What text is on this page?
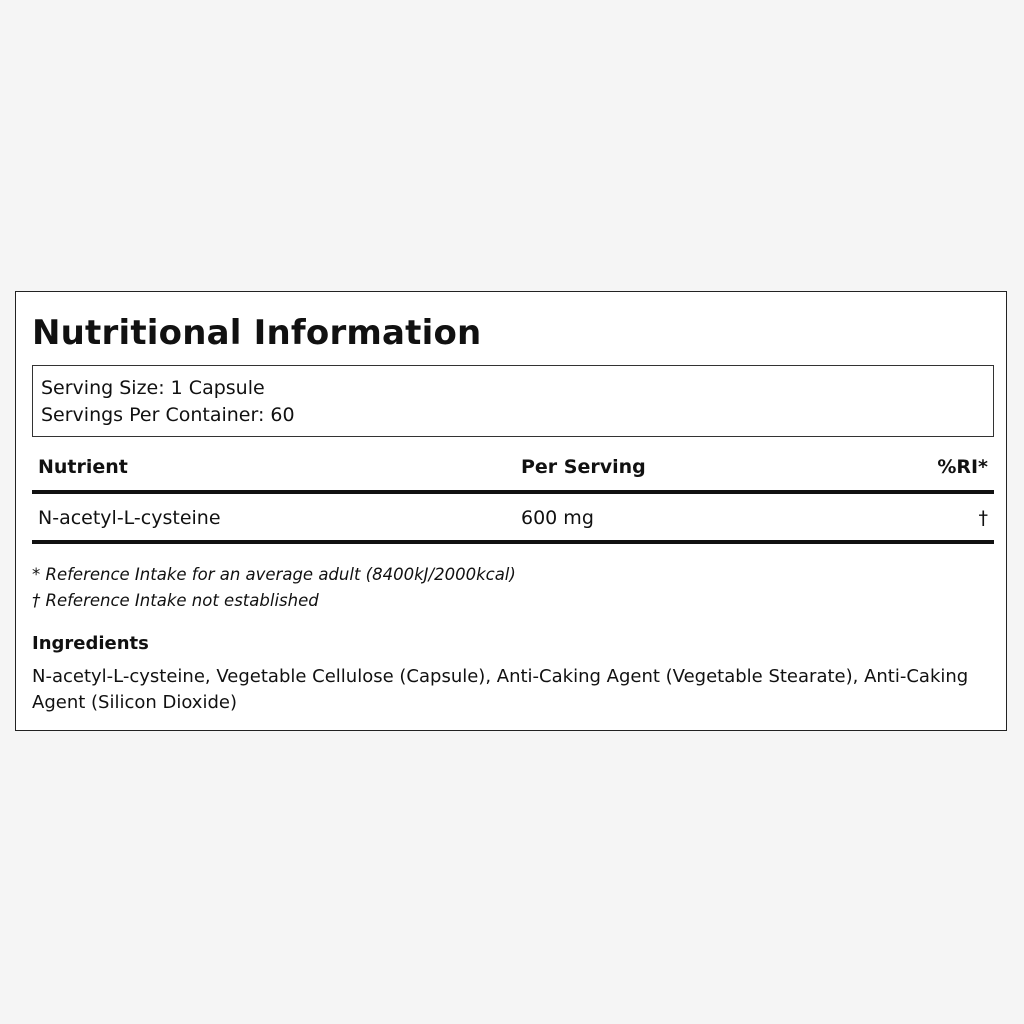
Nutritional Information
Serving Size: 1 Capsule
Servings Per Container: 60
Nutrient	Per Serving	%RI*
N-acetyl-L-cysteine	600 mg	†
* Reference Intake for an average adult (8400kJ/2000kcal)
† Reference Intake not established
Ingredients
N-acetyl-L-cysteine, Vegetable Cellulose (Capsule), Anti-Caking Agent (Vegetable Stearate), Anti-Caking Agent (Silicon Dioxide)
